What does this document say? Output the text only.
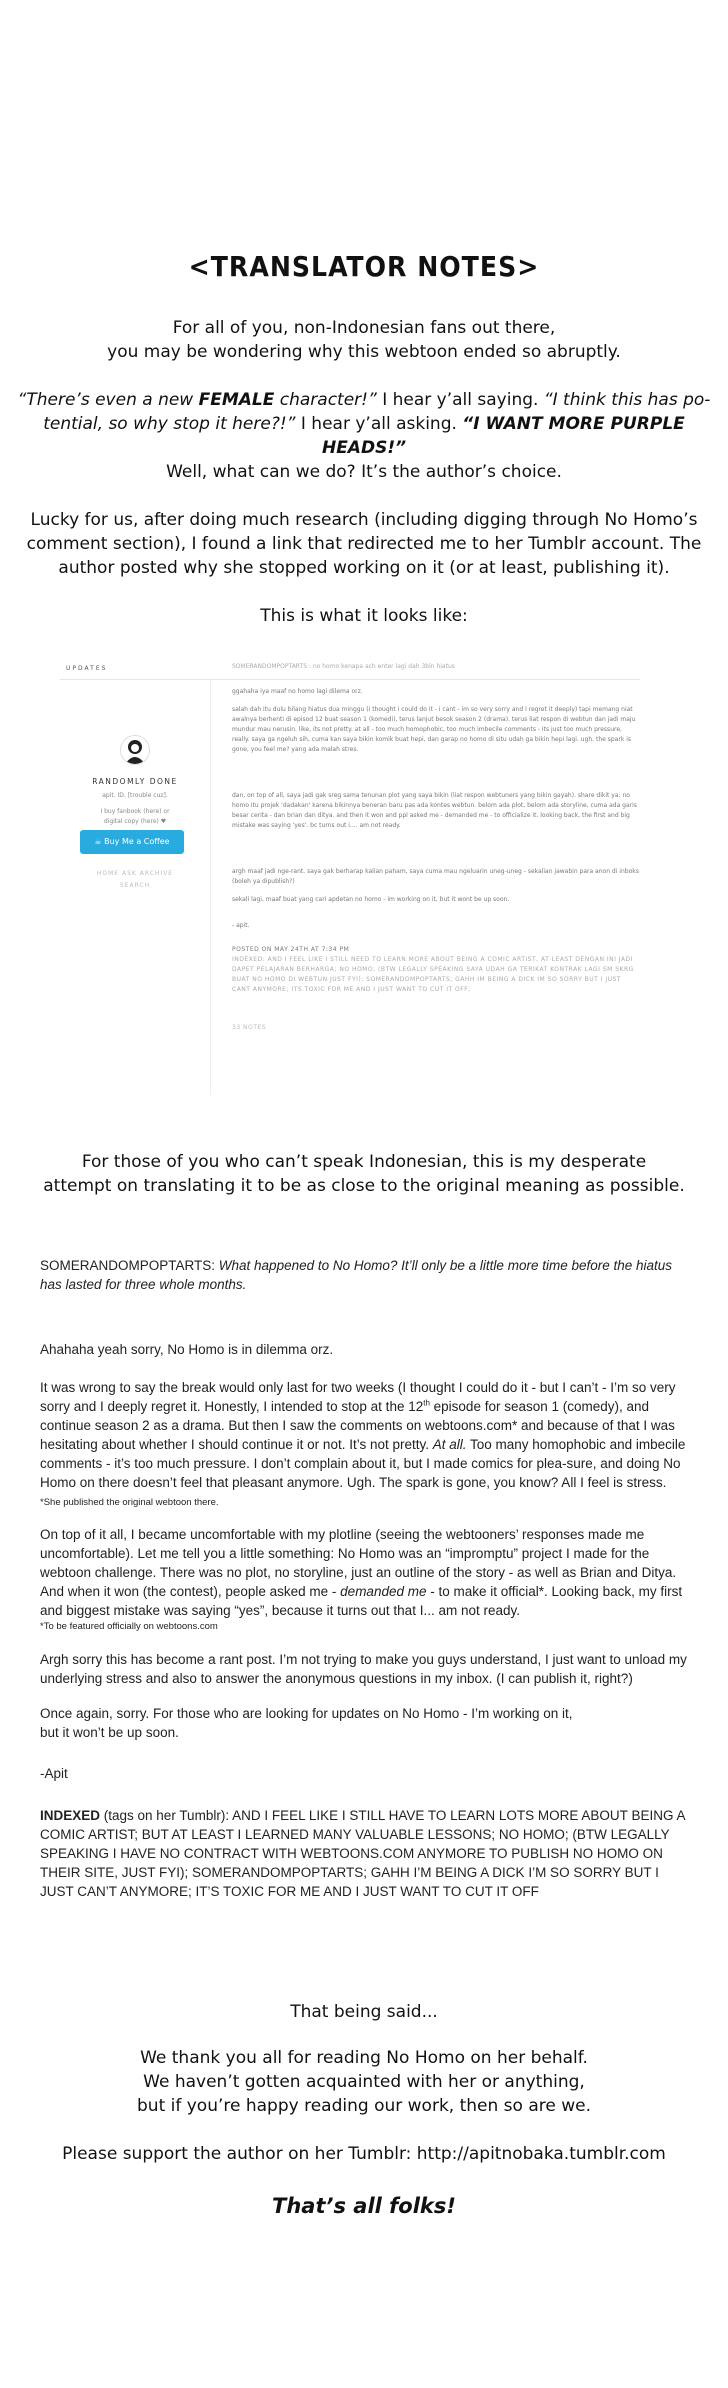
<TRANSLATOR NOTES>
For all of you, non-Indonesian fans out there,
you may be wondering why this webtoon ended so abruptly.
“There’s even a new FEMALE character!” I hear y’all saying. “I think this has po-
tential, so why stop it here?!” I hear y’all asking. “I WANT MORE PURPLE HEADS!”
Well, what can we do? It’s the author’s choice.
Lucky for us, after doing much research (including digging through No Homo’s
comment section), I found a link that redirected me to her Tumblr account. The
author posted why she stopped working on it (or at least, publishing it).
This is what it looks like:
UPDATES
RANDOMLY DONE
apit. ID. [trouble cuz].
I buy fanbook (here) or
digital copy (here) ♥
☕ Buy Me a Coffee
HOME ASK ARCHIVE
SEARCH
SOMERANDOMPOPTARTS : no homo kenapa ach enter lagi dah 3bln hiatus
ggahaha iya maaf no homo lagi dilema orz.
salah dah itu dulu bilang hiatus dua minggu (i thought i could do it - i cant - im so very sorry and i regret it deeply) tapi memang niat awalnya berhenti di episod 12 buat season 1 (komedi), terus lanjut besok season 2 (drama). terus liat respon di webtun dan jadi maju mundur mau nerusin. like, its not pretty. at all - too much homophobic, too much imbecile comments - its just too much pressure, really. saya ga ngeluh sih, cuma kan saya bikin komik buat hepi, dan garap no homo di situ udah ga bikin hepi lagi. ugh. the spark is gone, you feel me? yang ada malah stres.
dan, on top of all, saya jadi gak sreg sama tenunan plot yang saya bikin (liat respon webtuners yang bikin gayah). share dikit ya: no homo itu projek 'dadakan' karena bikinnya beneran baru pas ada kontes webtun. belom ada plot, belom ada storyline, cuma ada garis besar cerita - dan brian dan ditya. and then it won and ppl asked me - demanded me - to officialize it. looking back, the first and big mistake was saying 'yes'. bc turns out i.... am not ready.
argh maaf jadi nge-rant. saya gak berharap kalian paham, saya cuma mau ngeluarin uneg-uneg - sekalian jawabin para anon di inboks (boleh ya dipublish?)
sekali lagi, maaf buat yang cari apdetan no homo - im working on it, but it wont be up soon.
- apit.
POSTED ON MAY 24TH AT 7:34 PM
INDEXED: AND I FEEL LIKE I STILL NEED TO LEARN MORE ABOUT BEING A COMIC ARTIST, AT LEAST DENGAN INI JADI DAPET PELAJARAN BERHARGA; NO HOMO; (BTW LEGALLY SPEAKING SAYA UDAH GA TERIKAT KONTRAK LAGI SM SKRG BUAT NO HOMO DI WEBTUN JUST FYI); SOMERANDOMPOPTARTS; GAHH IM BEING A DICK IM SO SORRY BUT I JUST CANT ANYMORE; ITS TOXIC FOR ME AND I JUST WANT TO CUT IT OFF;
33 NOTES
For those of you who can’t speak Indonesian, this is my desperate
attempt on translating it to be as close to the original meaning as possible.
SOMERANDOMPOPTARTS: What happened to No Homo? It’ll only be a little more time before the hiatus has lasted for three whole months.
Ahahaha yeah sorry, No Homo is in dilemma orz.
It was wrong to say the break would only last for two weeks (I thought I could do it - but I can’t - I’m so very sorry and I deeply regret it. Honestly, I intended to stop at the 12th episode for season 1 (comedy), and continue season 2 as a drama. But then I saw the comments on webtoons.com* and because of that I was hesitating about whether I should continue it or not. It’s not pretty. At all. Too many homophobic and imbecile comments - it’s too much pressure. I don’t complain about it, but I made comics for plea-sure, and doing No Homo on there doesn’t feel that pleasant anymore. Ugh. The spark is gone, you know? All I feel is stress.
*She published the original webtoon there.
On top of it all, I became uncomfortable with my plotline (seeing the webtooners’ responses made me uncomfortable). Let me tell you a little something: No Homo was an “impromptu” project I made for the webtoon challenge. There was no plot, no storyline, just an outline of the story - as well as Brian and Ditya. And when it won (the contest), people asked me - demanded me - to make it official*. Looking back, my first and biggest mistake was saying “yes”, because it turns out that I... am not ready.
*To be featured officially on webtoons.com
Argh sorry this has become a rant post. I’m not trying to make you guys understand, I just want to unload my underlying stress and also to answer the anonymous questions in my inbox. (I can publish it, right?)
Once again, sorry. For those who are looking for updates on No Homo - I’m working on it,
but it won’t be up soon.
-Apit
INDEXED (tags on her Tumblr): AND I FEEL LIKE I STILL HAVE TO LEARN LOTS MORE ABOUT BEING A COMIC ARTIST; BUT AT LEAST I LEARNED MANY VALUABLE LESSONS; NO HOMO; (BTW LEGALLY SPEAKING I HAVE NO CONTRACT WITH WEBTOONS.COM ANYMORE TO PUBLISH NO HOMO ON THEIR SITE, JUST FYI); SOMERANDOMPOPTARTS; GAHH I’M BEING A DICK I’M SO SORRY BUT I JUST CAN’T ANYMORE; IT’S TOXIC FOR ME AND I JUST WANT TO CUT IT OFF
That being said...
We thank you all for reading No Homo on her behalf.
We haven’t gotten acquainted with her or anything,
but if you’re happy reading our work, then so are we.
Please support the author on her Tumblr: http://apitnobaka.tumblr.com
That’s all folks!
